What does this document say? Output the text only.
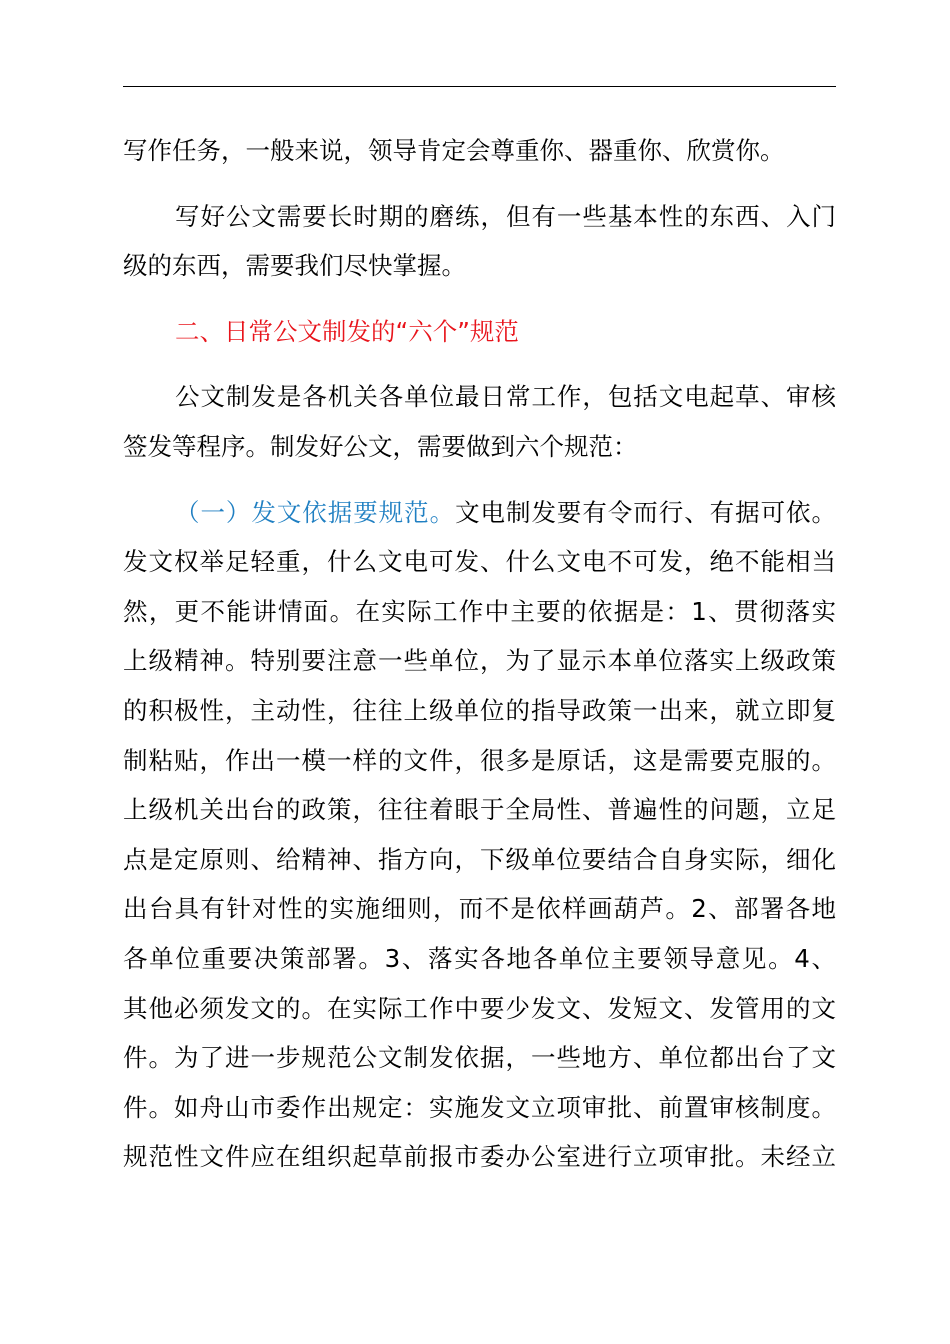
写作任务，一般来说，领导肯定会尊重你、器重你、欣赏你。
写好公文需要长时期的磨练，但有一些基本性的东西、入门
级的东西，需要我们尽快掌握。
二、日常公文制发的“六个”规范
公文制发是各机关各单位最日常工作，包括文电起草、审核
签发等程序。制发好公文，需要做到六个规范：
（一）发文依据要规范。文电制发要有令而行、有据可依。
发文权举足轻重，什么文电可发、什么文电不可发，绝不能相当
然，更不能讲情面。在实际工作中主要的依据是：1、贯彻落实
上级精神。特别要注意一些单位，为了显示本单位落实上级政策
的积极性，主动性，往往上级单位的指导政策一出来，就立即复
制粘贴，作出一模一样的文件，很多是原话，这是需要克服的。
上级机关出台的政策，往往着眼于全局性、普遍性的问题，立足
点是定原则、给精神、指方向，下级单位要结合自身实际，细化
出台具有针对性的实施细则，而不是依样画葫芦。2、部署各地
各单位重要决策部署。3、落实各地各单位主要领导意见。4、
其他必须发文的。在实际工作中要少发文、发短文、发管用的文
件。为了进一步规范公文制发依据，一些地方、单位都出台了文
件。如舟山市委作出规定：实施发文立项审批、前置审核制度。
规范性文件应在组织起草前报市委办公室进行立项审批。未经立
